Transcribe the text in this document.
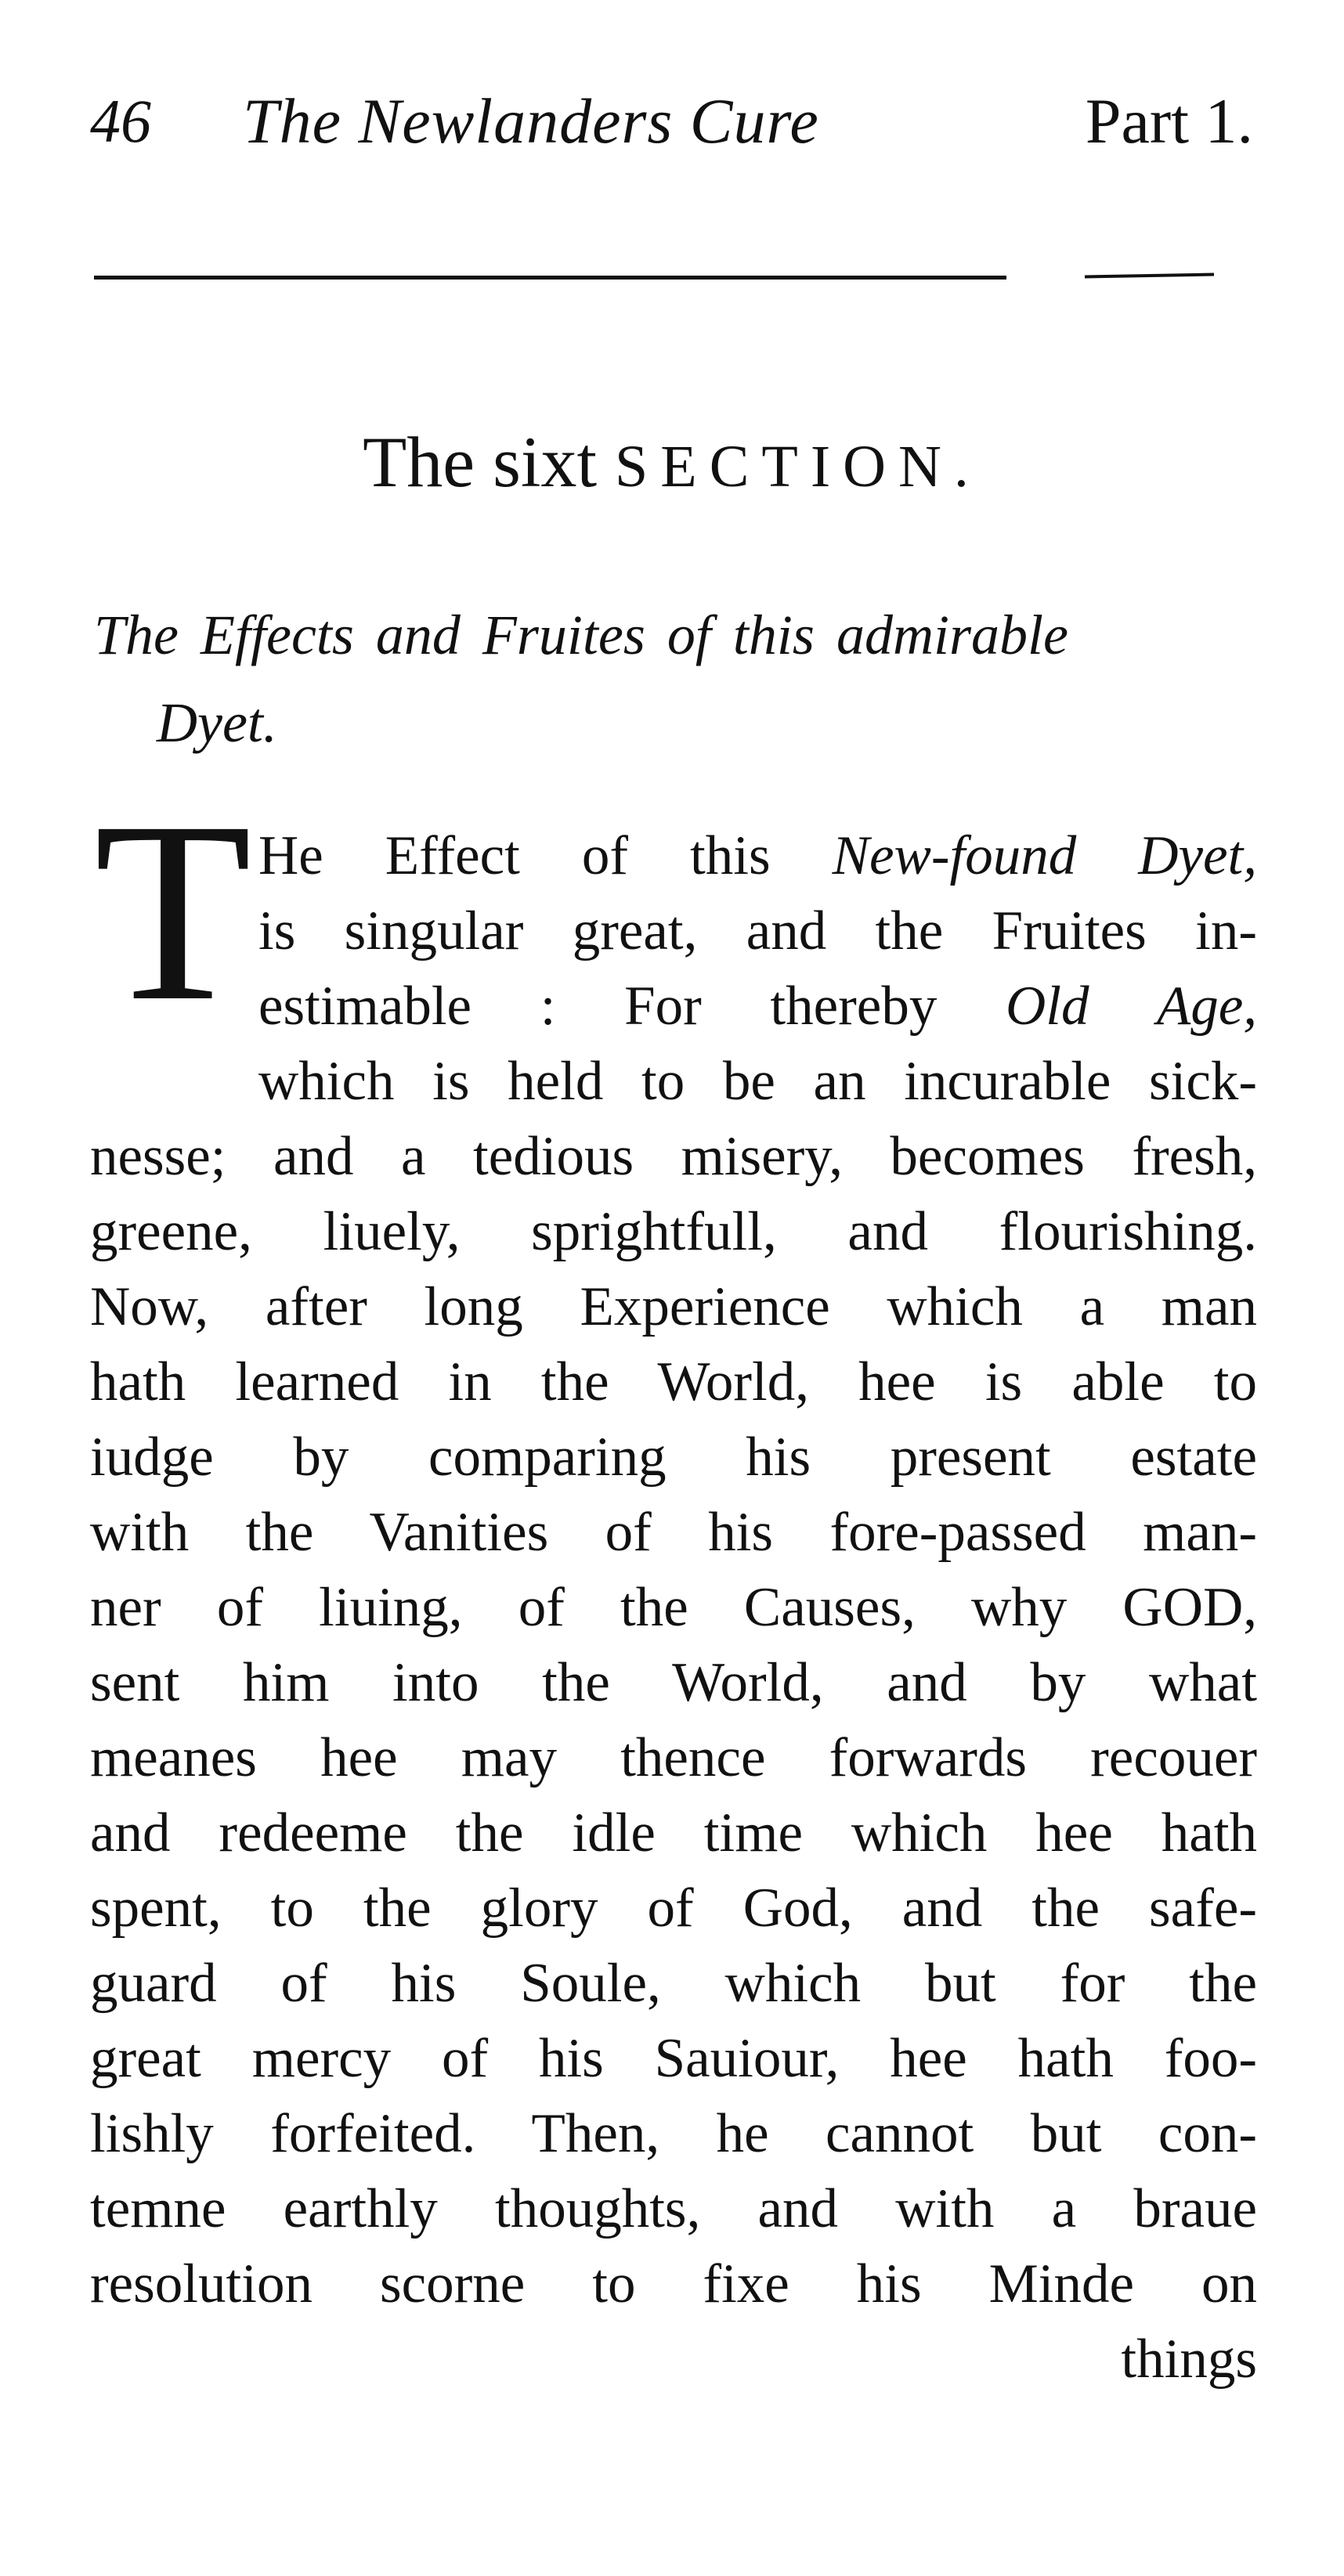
46 The Newlanders Cure	Part 1.
The sixt SECTION.
The Effects and Fruites of this admirable
Dyet.
T He Effect of this New-found Dyet,
is singular great, and the Fruites in-
estimable : For thereby Old Age,
which is held to be an incurable sick-
nesse; and a tedious misery, becomes fresh,
greene, liuely, sprightfull, and flourishing.
Now, after long Experience which a man
hath learned in the World, hee is able to
iudge by comparing his present estate
with the Vanities of his fore-passed man-
ner of liuing, of the Causes, why GOD,
sent him into the World, and by what
meanes hee may thence forwards recouer
and redeeme the idle time which hee hath
spent, to the glory of God, and the safe-
guard of his Soule, which but for the
great mercy of his Sauiour, hee hath foo-
lishly forfeited. Then, he cannot but con-
temne earthly thoughts, and with a braue
resolution scorne to fixe his Minde on
things
